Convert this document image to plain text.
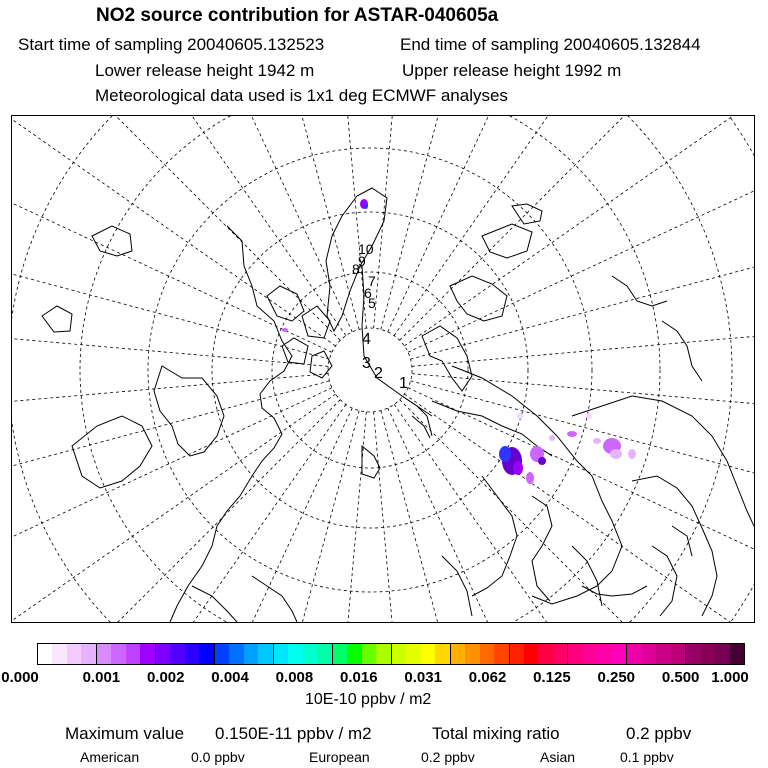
NO2 source contribution for ASTAR-040605a
Start time of sampling 20040605.132523	End time of sampling 20040605.132844
Lower release height 1942 m	Upper release height 1992 m
Meteorological data used is 1x1 deg ECMWF analyses
1
2
3
4
5
6
7
8
9
10
0.000	0.001 0.002 0.004 0.008 0.016 0.031 0.062 0.125 0.250 0.500 1.000
10E-10 ppbv / m2
Maximum value 0.150E-11 ppbv / m2	Total mixing ratio	0.2 ppbv
American	0.0 ppbv	European	0.2 ppbv	Asian	0.1 ppbv
